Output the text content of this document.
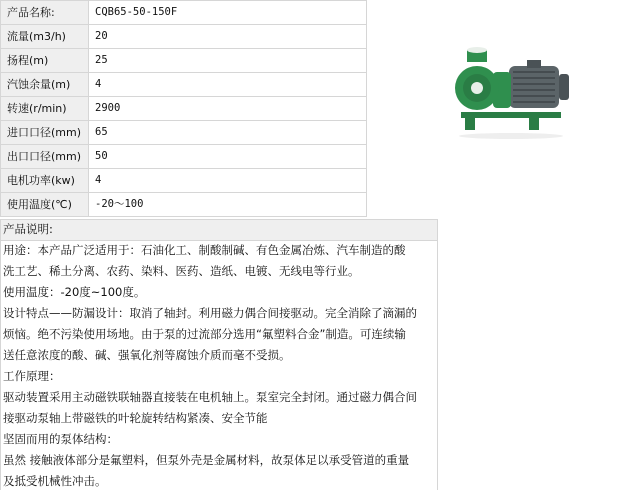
产品名称:	CQB65-50-150F
流量(m3/h)	20
扬程(m)	25
汽蚀余量(m)	4
转速(r/min)	2900
进口口径(mm)	65
出口口径(mm)	50
电机功率(kw)	4
使用温度(℃)	-20～100
产品说明:
用途：本产品广泛适用于：石油化工、制酸制碱、有色金属冶炼、汽车制造的酸
洗工艺、稀土分离、农药、染料、医药、造纸、电镀、无线电等行业。
使用温度：-20度~100度。
设计特点——防漏设计：取消了轴封。利用磁力偶合间接驱动。完全消除了滴漏的
烦恼。绝不污染使用场地。由于泵的过流部分选用“氟塑料合金”制造。可连续输
送任意浓度的酸、碱、强氧化剂等腐蚀介质而毫不受损。
工作原理：
驱动装置采用主动磁铁联轴器直接装在电机轴上。泵室完全封闭。通过磁力偶合间
接驱动泵轴上带磁铁的叶轮旋转结构紧凑、安全节能
坚固而用的泵体结构：
虽然 接触液体部分是氟塑料，但泵外壳是金属材料，故泵体足以承受管道的重量
及抵受机械性冲击。
